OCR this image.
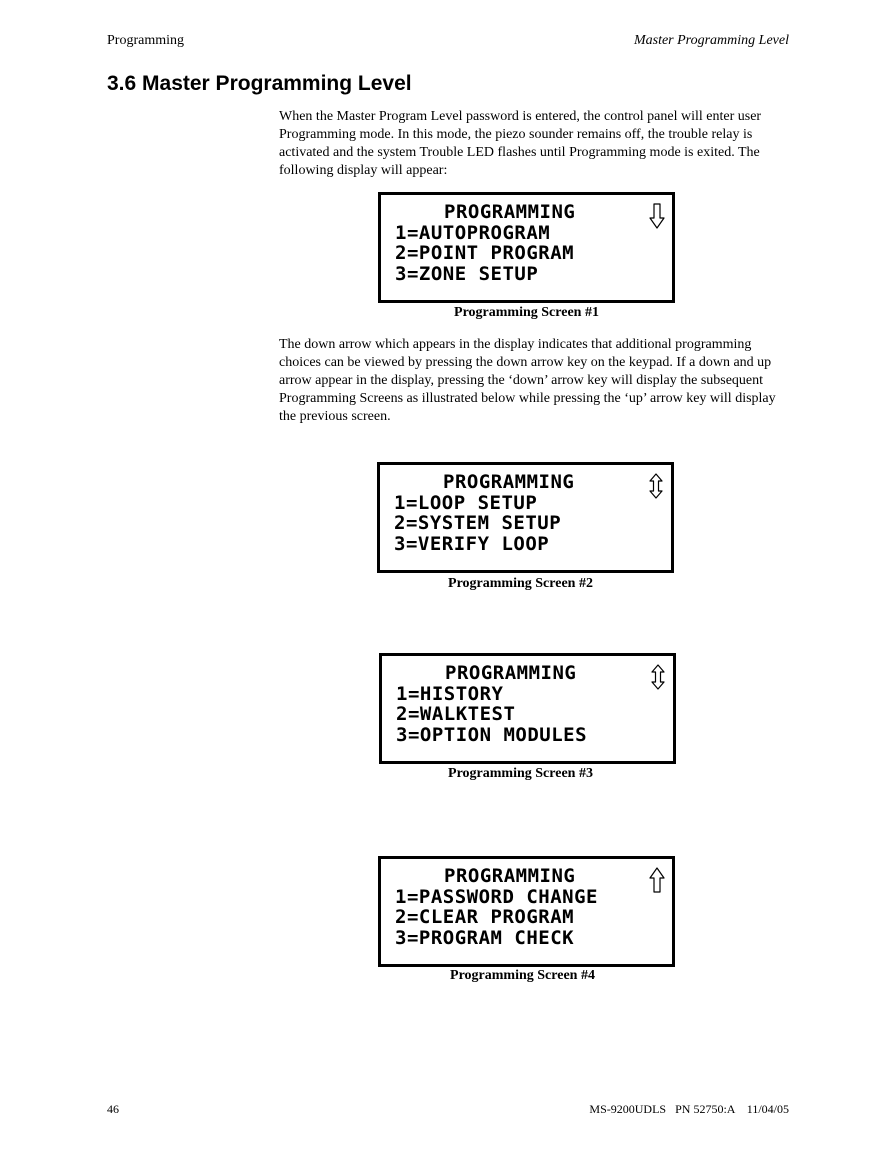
Programming	Master Programming Level
3.6 Master Programming Level

When the Master Program Level password is entered, the control panel will enter user Programming mode. In this mode, the piezo sounder remains off, the trouble relay is activated and the system Trouble LED flashes until Programming mode is exited. The following display will appear:

PROGRAMMING
1=AUTOPROGRAM
2=POINT PROGRAM
3=ZONE SETUP
Programming Screen #1

The down arrow which appears in the display indicates that additional programming choices can be viewed by pressing the down arrow key on the keypad. If a down and up arrow appear in the display, pressing the ‘down’ arrow key will display the subsequent Programming Screens as illustrated below while pressing the ‘up’ arrow key will display the previous screen.

PROGRAMMING
1=LOOP SETUP
2=SYSTEM SETUP
3=VERIFY LOOP
Programming Screen #2
PROGRAMMING
1=HISTORY
2=WALKTEST
3=OPTION MODULES
Programming Screen #3
PROGRAMMING
1=PASSWORD CHANGE
2=CLEAR PROGRAM
3=PROGRAM CHECK
Programming Screen #4
46	MS-9200UDLS   PN 52750:A    11/04/05
